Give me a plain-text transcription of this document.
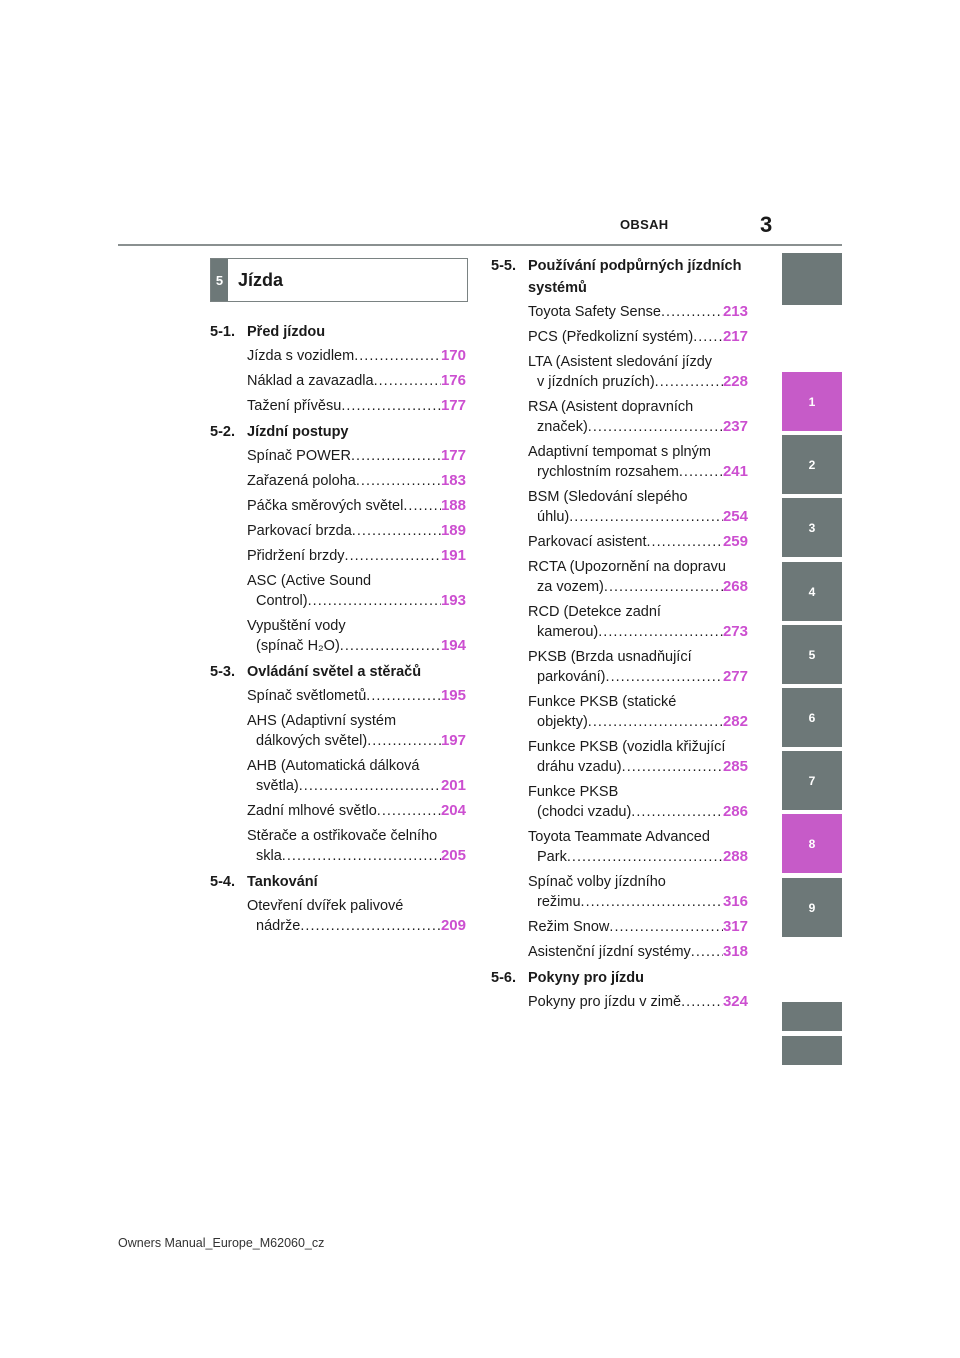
OBSAH	3
5 Jízda
5-1. Před jízdou
Jízda s vozidlem . . .	170
Náklad a zavazadla . . .	176
Tažení přívěsu . . .	177
5-2. Jízdní postupy
Spínač POWER . . .	177
Zařazená poloha . . .	183
Páčka směrových světel . . .	188
Parkovací brzda . . .	189
Přidržení brzdy . . .	191
ASC (Active Sound
Control) . . .	193
Vypuštění vody
(spínač H₂O) . . .	194
5-3. Ovládání světel a stěračů
Spínač světlometů . . .	195
AHS (Adaptivní systém
dálkových světel) . . .	197
AHB (Automatická dálková
světla) . . .	201
Zadní mlhové světlo . . .	204
Stěrače a ostřikovače čelního
skla . . .	205
5-4. Tankování
Otevření dvířek palivové
nádrže . . .	209
5-5. Používání podpůrných jízdních
systémů
Toyota Safety Sense . . .	213
PCS (Předkolizní systém) . . . 217
LTA (Asistent sledování jízdy
v jízdních pruzích) . . .	228
RSA (Asistent dopravních
značek) . . .	237
Adaptivní tempomat s plným
rychlostním rozsahem . . .	241
BSM (Sledování slepého
úhlu) . . .	254
Parkovací asistent . . .	259
RCTA (Upozornění na dopravu
za vozem) . . .	268
RCD (Detekce zadní
kamerou) . . .	273
PKSB (Brzda usnadňující
parkování) . . .	277
Funkce PKSB (statické
objekty) . . .	282
Funkce PKSB (vozidla křižující
dráhu vzadu) . . .	285
Funkce PKSB
(chodci vzadu) . . .	286
Toyota Teammate Advanced
Park . . .	288
Spínač volby jízdního
režimu . . .	316
Režim Snow . . .	317
Asistenční jízdní systémy . . . 318
5-6. Pokyny pro jízdu
Pokyny pro jízdu v zimě . . .	324
1
2
3
4
5
6
7
8
9
Owners Manual_Europe_M62060_cz
